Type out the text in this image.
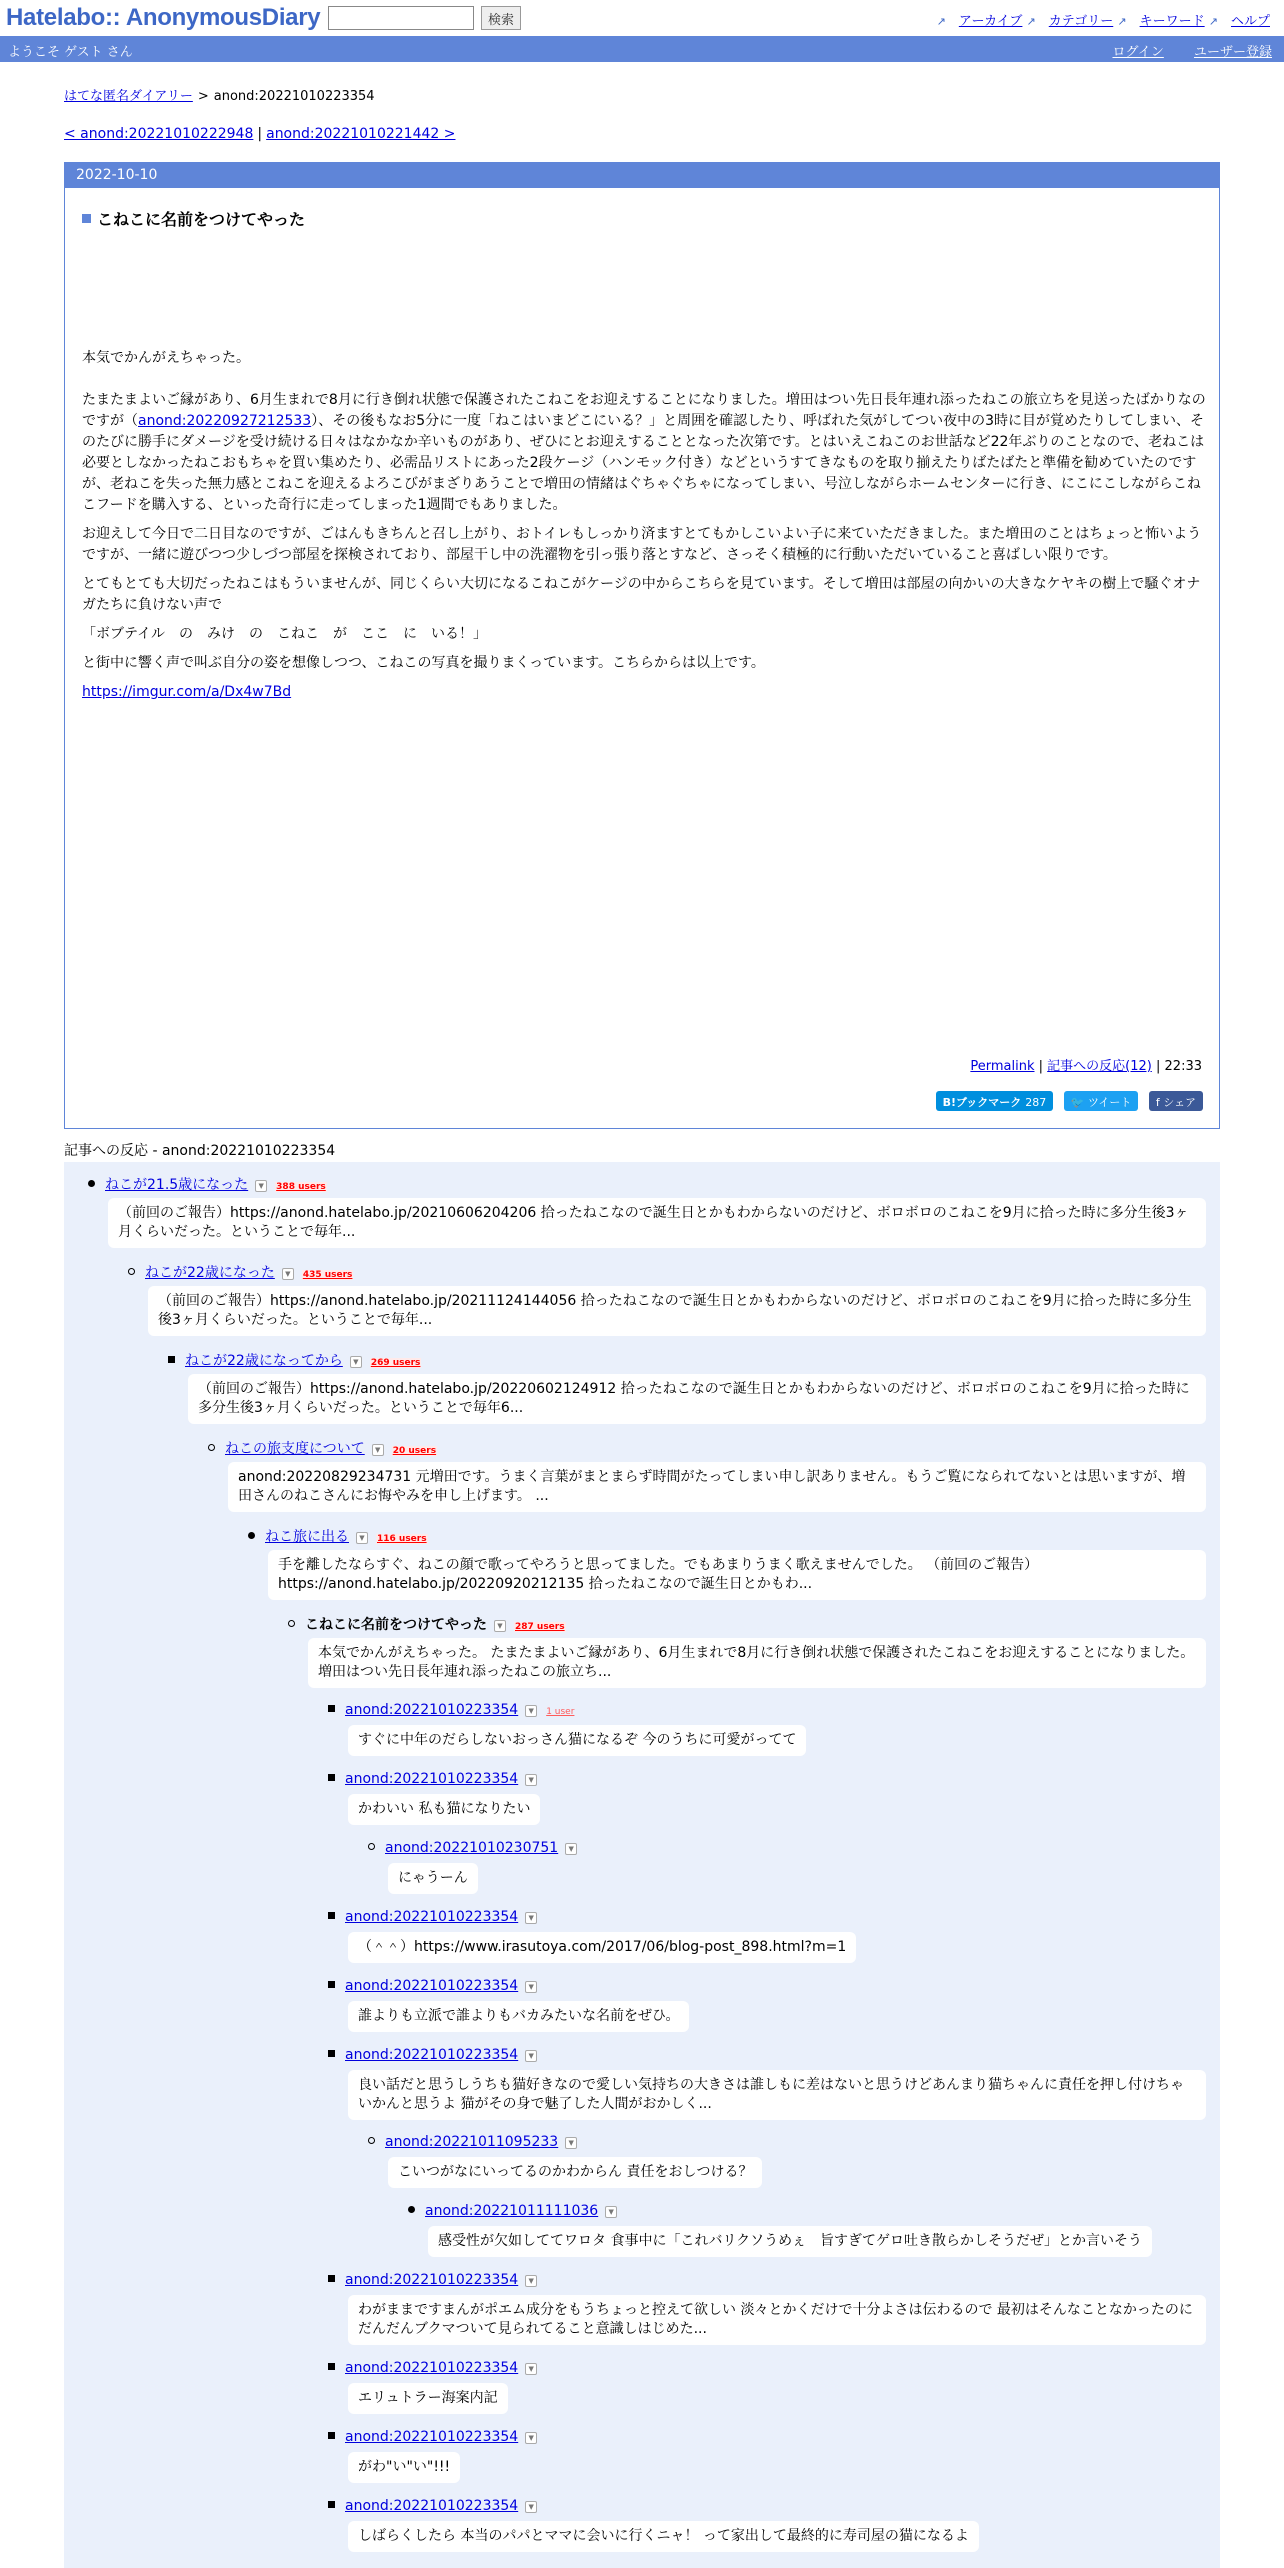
Hatelabo:: AnonymousDiary	検索	↗ アーカイブ ↗ カテゴリー ↗ キーワード ↗ ヘルプ
ようこそ ゲスト さん	ログイン ユーザー登録
はてな匿名ダイアリー > anond:20221010223354
< anond:20221010222948 | anond:20221010221442 >
2022-10-10
こねこに名前をつけてやった

本気でかんがえちゃった。

たまたまよいご縁があり、6月生まれで8月に行き倒れ状態で保護されたこねこをお迎えすることになりました。増田はつい先日長年連れ添ったねこの旅立ちを見送ったばかりなのですが（anond:20220927212533）、その後もなお5分に一度「ねこはいまどこにいる？」と周囲を確認したり、呼ばれた気がしてつい夜中の3時に目が覚めたりしてしまい、そのたびに勝手にダメージを受け続ける日々はなかなか辛いものがあり、ぜひにとお迎えすることとなった次第です。とはいえこねこのお世話など22年ぶりのことなので、老ねこは必要としなかったねこおもちゃを買い集めたり、必需品リストにあった2段ケージ（ハンモック付き）などというすてきなものを取り揃えたりばたばたと準備を勧めていたのですが、老ねこを失った無力感とこねこを迎えるよろこびがまざりあうことで増田の情緒はぐちゃぐちゃになってしまい、号泣しながらホームセンターに行き、にこにこしながらこねこフードを購入する、といった奇行に走ってしまった1週間でもありました。

お迎えして今日で二日目なのですが、ごはんもきちんと召し上がり、おトイレもしっかり済ますとてもかしこいよい子に来ていただきました。また増田のことはちょっと怖いようですが、一緒に遊びつつ少しづつ部屋を探検されており、部屋干し中の洗濯物を引っ張り落とすなど、さっそく積極的に行動いただいていること喜ばしい限りです。

とてもとても大切だったねこはもういませんが、同じくらい大切になるこねこがケージの中からこちらを見ています。そして増田は部屋の向かいの大きなケヤキの樹上で騒ぐオナガたちに負けない声で

「ボブテイル　の　みけ　の　こねこ　が　ここ　に　いる！」

と街中に響く声で叫ぶ自分の姿を想像しつつ、こねこの写真を撮りまくっています。こちらからは以上です。

https://imgur.com/a/Dx4w7Bd

Permalink | 記事への反応(12) | 22:33
B!ブックマーク 287 🐦 ツイート f シェア
記事への反応 - anond:20221010223354
ねこが21.5歳になった ▼ 388 users
（前回のご報告）https://anond.hatelabo.jp/20210606204206 拾ったねこなので誕生日とかもわからないのだけど、ボロボロのこねこを9月に拾った時に多分生後3ヶ月くらいだった。ということで毎年...
ねこが22歳になった ▼ 435 users
（前回のご報告）https://anond.hatelabo.jp/20211124144056 拾ったねこなので誕生日とかもわからないのだけど、ボロボロのこねこを9月に拾った時に多分生後3ヶ月くらいだった。ということで毎年...
ねこが22歳になってから ▼ 269 users
（前回のご報告）https://anond.hatelabo.jp/20220602124912 拾ったねこなので誕生日とかもわからないのだけど、ボロボロのこねこを9月に拾った時に多分生後3ヶ月くらいだった。ということで毎年6...
ねこの旅支度について ▼ 20 users
anond:20220829234731 元増田です。うまく言葉がまとまらず時間がたってしまい申し訳ありません。もうご覧になられてないとは思いますが、増田さんのねこさんにお悔やみを申し上げます。 ...
ねこ旅に出る ▼ 116 users
手を離したならすぐ、ねこの顔で歌ってやろうと思ってました。でもあまりうまく歌えませんでした。 （前回のご報告） https://anond.hatelabo.jp/20220920212135 拾ったねこなので誕生日とかもわ...
こねこに名前をつけてやった ▼ 287 users
本気でかんがえちゃった。 たまたまよいご縁があり、6月生まれで8月に行き倒れ状態で保護されたこねこをお迎えすることになりました。増田はつい先日長年連れ添ったねこの旅立ち...
anond:20221010223354 ▼ 1 user
すぐに中年のだらしないおっさん猫になるぞ 今のうちに可愛がってて
anond:20221010223354 ▼
かわいい 私も猫になりたい
anond:20221010230751 ▼
にゃうーん
anond:20221010223354 ▼
（＾＾）https://www.irasutoya.com/2017/06/blog-post_898.html?m=1
anond:20221010223354 ▼
誰よりも立派で誰よりもバカみたいな名前をぜひ。
anond:20221010223354 ▼
良い話だと思うしうちも猫好きなので愛しい気持ちの大きさは誰しもに差はないと思うけどあんまり猫ちゃんに責任を押し付けちゃいかんと思うよ 猫がその身で魅了した人間がおかしく...
anond:20221011095233 ▼
こいつがなにいってるのかわからん 責任をおしつける？
anond:20221011111036 ▼
感受性が欠如しててワロタ 食事中に「これバリクソうめぇ　旨すぎてゲロ吐き散らかしそうだぜ」とか言いそう
anond:20221010223354 ▼
わがままですまんがポエム成分をもうちょっと控えて欲しい 淡々とかくだけで十分よさは伝わるので 最初はそんなことなかったのにだんだんブクマついて見られてること意識しはじめた...
anond:20221010223354 ▼
エリュトラー海案内記
anond:20221010223354 ▼
がわ"い"い"!!!
anond:20221010223354 ▼
しばらくしたら 本当のパパとママに会いに行くニャ！ って家出して最終的に寿司屋の猫になるよ
